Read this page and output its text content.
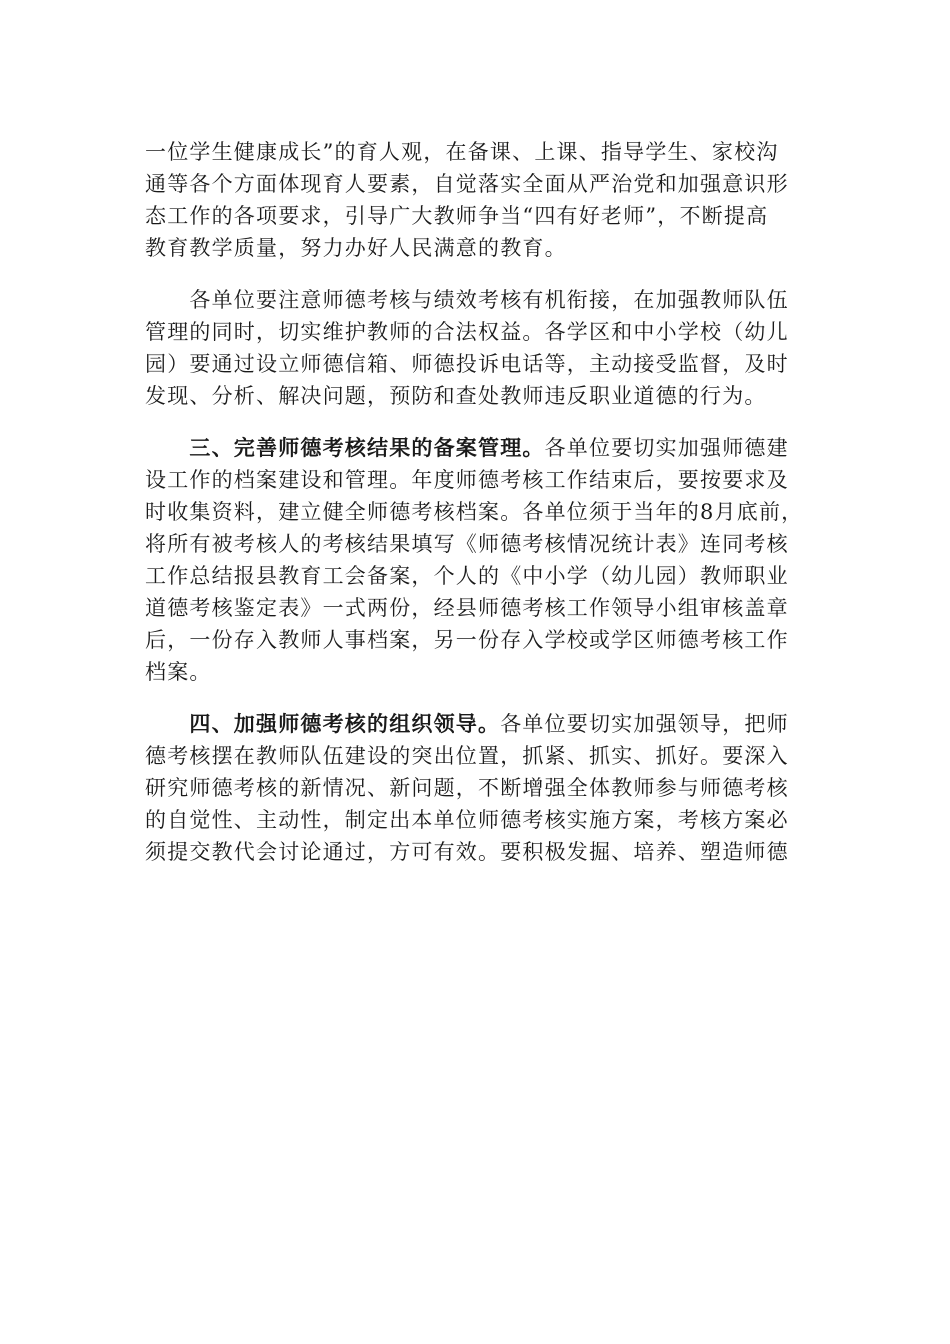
一位学生健康成长”的育人观，在备课、上课、指导学生、家校沟
通等各个方面体现育人要素，自觉落实全面从严治党和加强意识形
态工作的各项要求，引导广大教师争当“四有好老师”，不断提高
教育教学质量，努力办好人民满意的教育。
　　各单位要注意师德考核与绩效考核有机衔接，在加强教师队伍
管理的同时，切实维护教师的合法权益。各学区和中小学校（幼儿
园）要通过设立师德信箱、师德投诉电话等，主动接受监督，及时
发现、分析、解决问题，预防和查处教师违反职业道德的行为。
　　三、完善师德考核结果的备案管理。各单位要切实加强师德建
设工作的档案建设和管理。年度师德考核工作结束后，要按要求及
时收集资料，建立健全师德考核档案。各单位须于当年的8月底前，
将所有被考核人的考核结果填写《师德考核情况统计表》连同考核
工作总结报县教育工会备案，个人的《中小学（幼儿园）教师职业
道德考核鉴定表》一式两份，经县师德考核工作领导小组审核盖章
后，一份存入教师人事档案，另一份存入学校或学区师德考核工作
档案。
　　四、加强师德考核的组织领导。各单位要切实加强领导，把师
德考核摆在教师队伍建设的突出位置，抓紧、抓实、抓好。要深入
研究师德考核的新情况、新问题，不断增强全体教师参与师德考核
的自觉性、主动性，制定出本单位师德考核实施方案，考核方案必
须提交教代会讨论通过，方可有效。要积极发掘、培养、塑造师德
